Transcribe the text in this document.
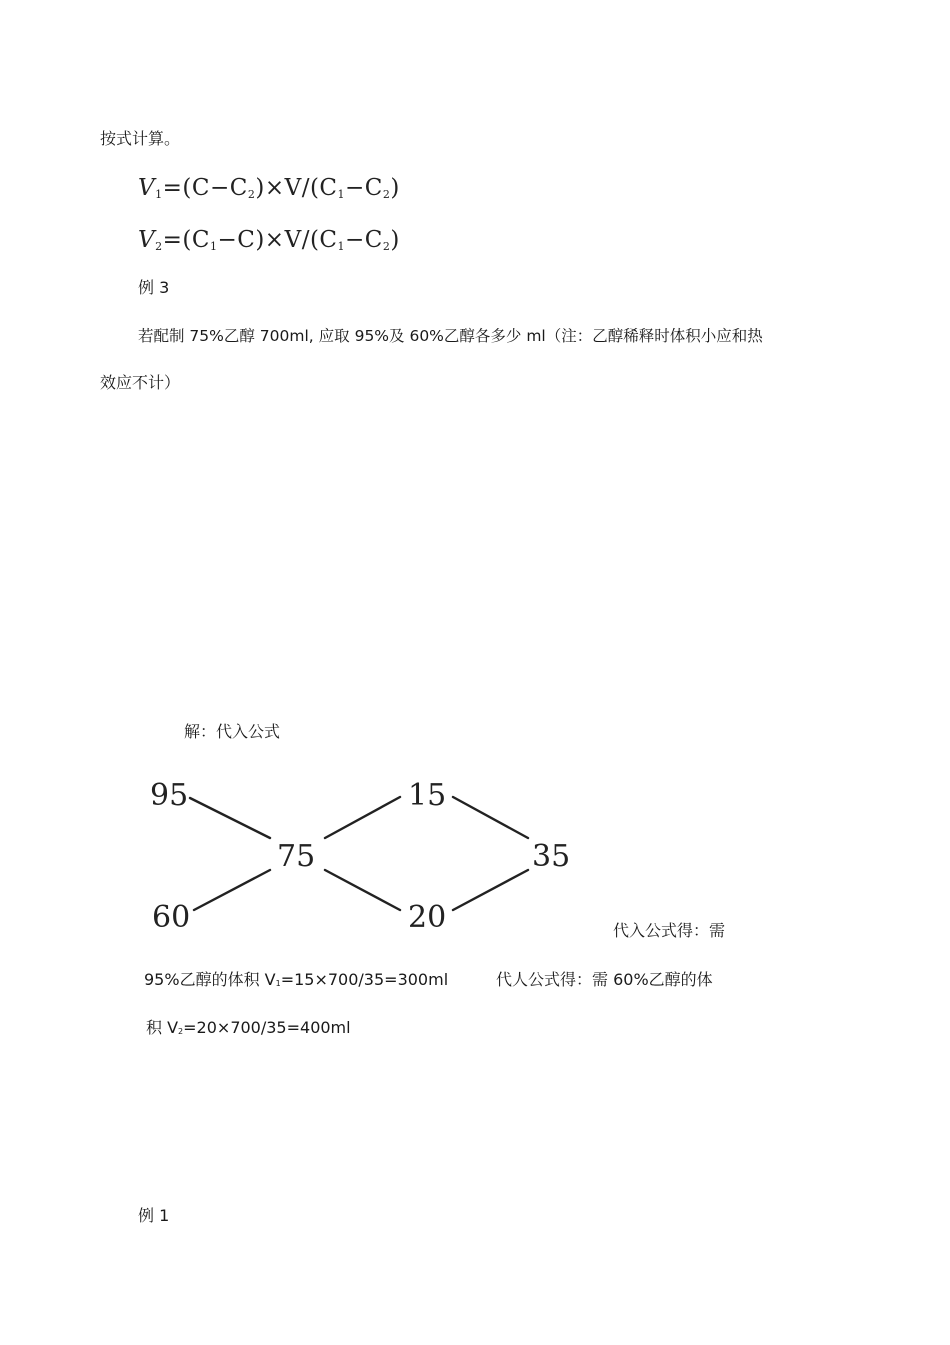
按式计算。
$V_1=(C-C_2)\times V/(C_1-C_2)$
$V_2=(C_1-C)\times V/(C_1-C_2)$
例 3
若配制 75%乙醇 700ml, 应取 95%及 60%乙醇各多少 ml（注：乙醇稀释时体积小应和热
效应不计）
解：代入公式
95
60
75
15
20
35
代入公式得：需
95%乙醇的体积 V1=15×700/35=300ml	代人公式得：需 60%乙醇的体
积 V2=20×700/35=400ml
例 1
